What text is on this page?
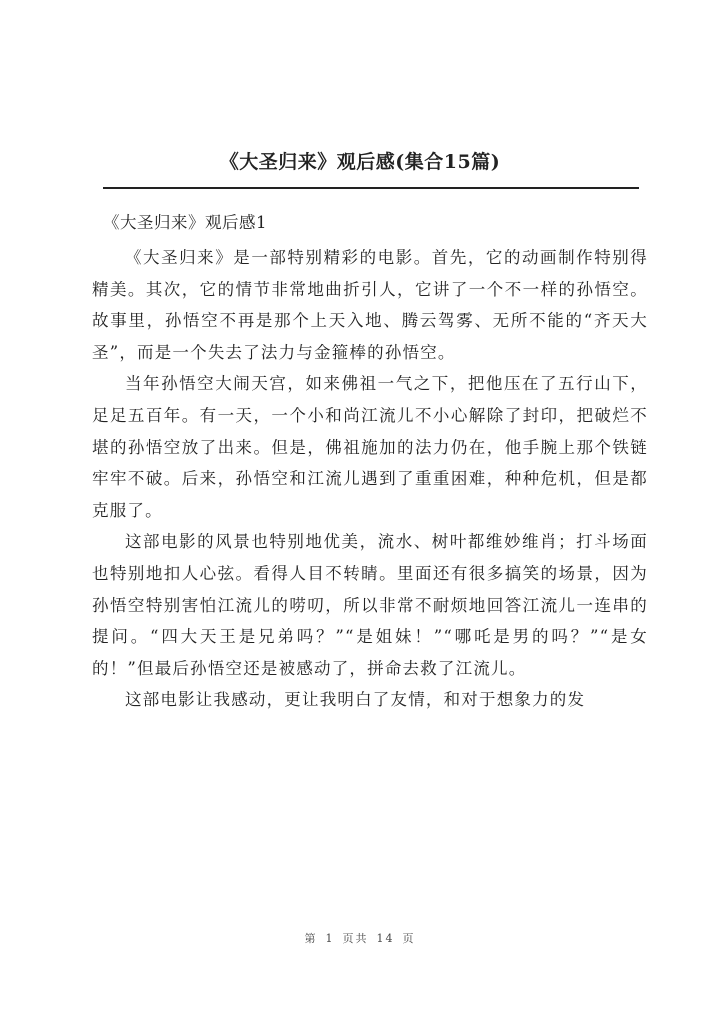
《大圣归来》观后感(集合15篇)

《大圣归来》观后感1

《大圣归来》是一部特别精彩的电影。首先，它的动画制作特别得精美。其次，它的情节非常地曲折引人，它讲了一个不一样的孙悟空。故事里，孙悟空不再是那个上天入地、腾云驾雾、无所不能的“齐天大圣”，而是一个失去了法力与金箍棒的孙悟空。

当年孙悟空大闹天宫，如来佛祖一气之下，把他压在了五行山下，足足五百年。有一天，一个小和尚江流儿不小心解除了封印，把破烂不堪的孙悟空放了出来。但是，佛祖施加的法力仍在，他手腕上那个铁链牢牢不破。后来，孙悟空和江流儿遇到了重重困难，种种危机，但是都克服了。

这部电影的风景也特别地优美，流水、树叶都维妙维肖；打斗场面也特别地扣人心弦。看得人目不转睛。里面还有很多搞笑的场景，因为孙悟空特别害怕江流儿的唠叨，所以非常不耐烦地回答江流儿一连串的提问。“四大天王是兄弟吗？”“是姐妹！”“哪吒是男的吗？”“是女的！”但最后孙悟空还是被感动了，拼命去救了江流儿。

这部电影让我感动，更让我明白了友情，和对于想象力的发

第 1 页共 14 页
